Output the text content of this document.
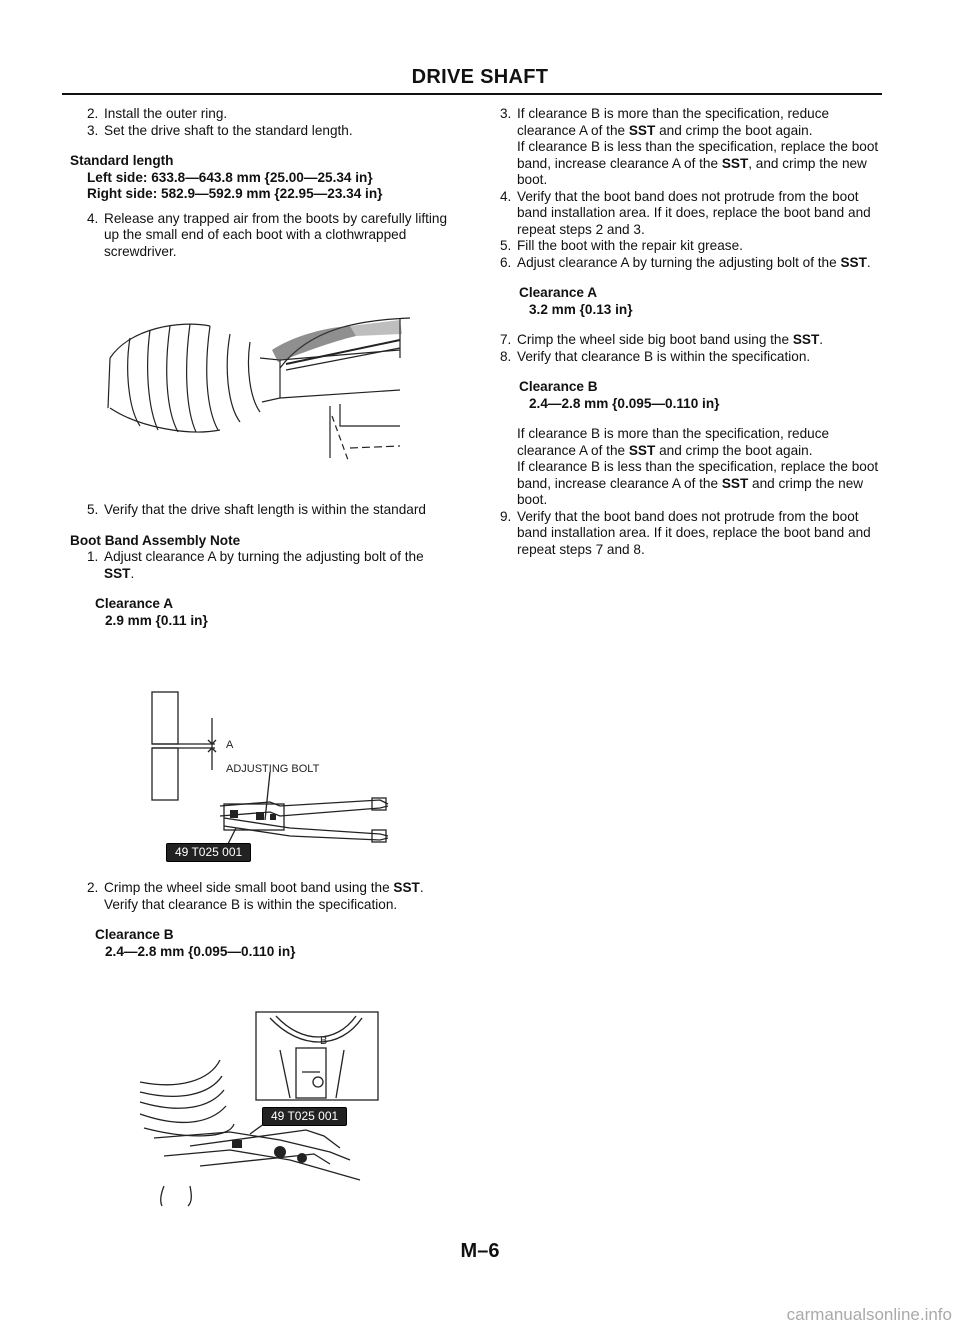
DRIVE SHAFT
2. Install the outer ring.
3. Set the drive shaft to the standard length.
Standard length
Left side: 633.8—643.8 mm {25.00—25.34 in}
Right side: 582.9—592.9 mm {22.95—23.34 in}
4. Release any trapped air from the boots by carefully lifting up the small end of each boot with a clothwrapped screwdriver.
5. Verify that the drive shaft length is within the standard
Boot Band Assembly Note
1. Adjust clearance A by turning the adjusting bolt of the SST.
Clearance A
2.9 mm {0.11 in}
A
ADJUSTING BOLT
49 T025 001
2. Crimp the wheel side small boot band using the SST. Verify that clearance B is within the specification.
Clearance B
2.4—2.8 mm {0.095—0.110 in}
B
49 T025 001
3. If clearance B is more than the specification, reduce clearance A of the SST and crimp the boot again.
If clearance B is less than the specification, replace the boot band, increase clearance A of the SST, and crimp the new boot.
4. Verify that the boot band does not protrude from the boot band installation area. If it does, replace the boot band and repeat steps 2 and 3.
5. Fill the boot with the repair kit grease.
6. Adjust clearance A by turning the adjusting bolt of the SST.
Clearance A
3.2 mm {0.13 in}
7. Crimp the wheel side big boot band using the SST.
8. Verify that clearance B is within the specification.
Clearance B
2.4—2.8 mm {0.095—0.110 in}
If clearance B is more than the specification, reduce clearance A of the SST and crimp the boot again.
If clearance B is less than the specification, replace the boot band, increase clearance A of the SST and crimp the new boot.
9. Verify that the boot band does not protrude from the boot band installation area. If it does, replace the boot band and repeat steps 7 and 8.
M–6
carmanualsonline.info
